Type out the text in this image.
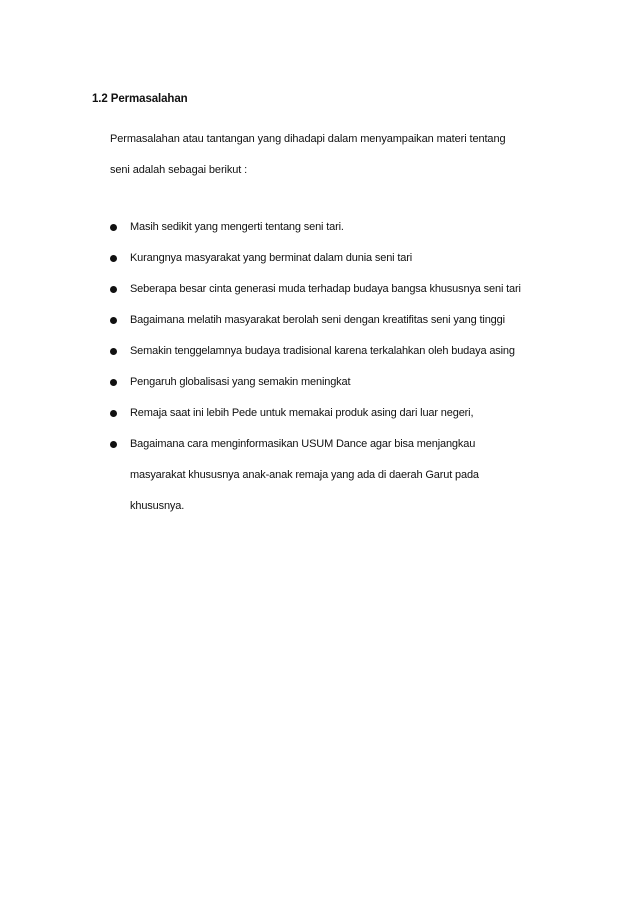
1.2 Permasalahan
Permasalahan atau tantangan yang dihadapi dalam menyampaikan materi tentang
seni adalah sebagai berikut :
Masih sedikit yang mengerti tentang seni tari.
Kurangnya masyarakat yang berminat dalam dunia seni tari
Seberapa besar cinta generasi muda terhadap budaya bangsa khususnya seni tari
Bagaimana melatih masyarakat berolah seni dengan kreatifitas seni yang tinggi
Semakin tenggelamnya budaya tradisional karena terkalahkan oleh budaya asing
Pengaruh globalisasi yang semakin meningkat
Remaja saat ini lebih Pede untuk memakai produk asing dari luar negeri,
Bagaimana cara menginformasikan USUM Dance agar bisa menjangkau
masyarakat khususnya anak-anak remaja yang ada di daerah Garut pada
khususnya.
